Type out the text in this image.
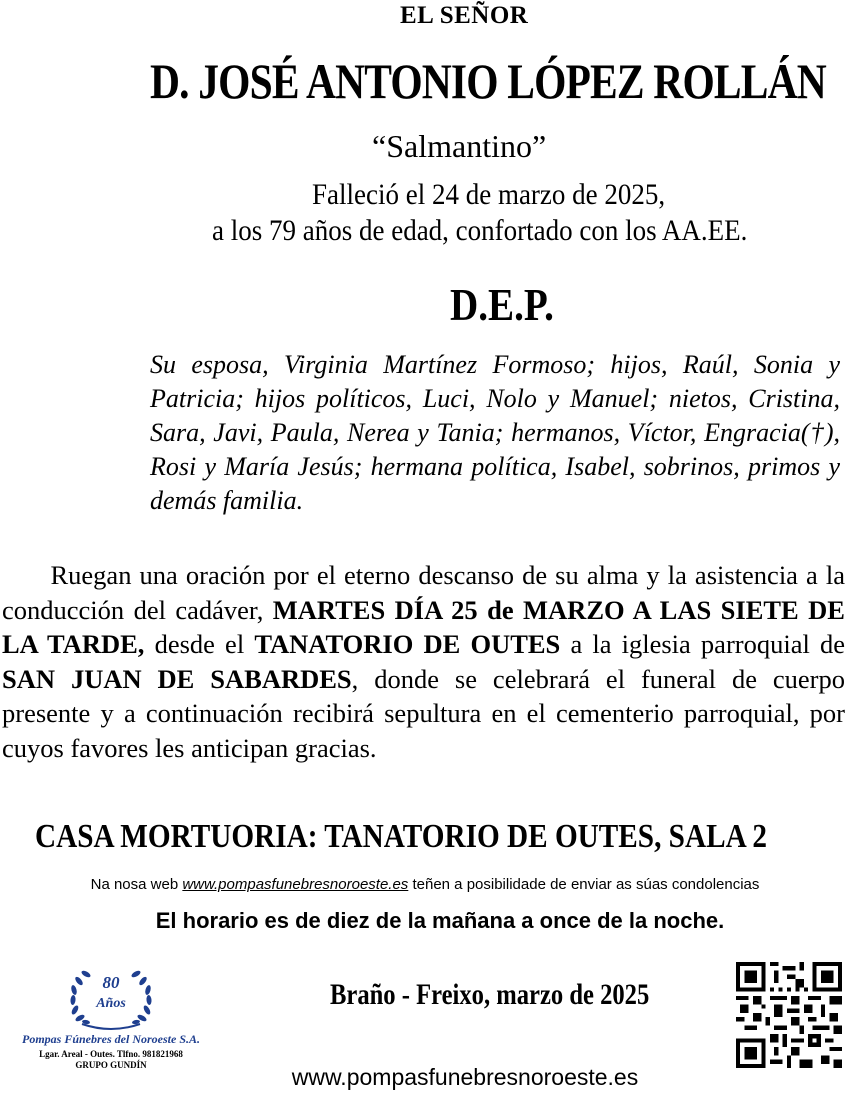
EL SEÑOR
D. JOSÉ ANTONIO LÓPEZ ROLLÁN
“Salmantino”
Falleció el 24 de marzo de 2025,
a los 79 años de edad, confortado con los AA.EE.
D.E.P.
Su esposa, Virginia Martínez Formoso; hijos, Raúl, Sonia y Patricia; hijos políticos, Luci, Nolo y Manuel; nietos, Cristina, Sara, Javi, Paula, Nerea y Tania; hermanos, Víctor, Engracia(†), Rosi y María Jesús; hermana política, Isabel, sobrinos, primos y demás familia.
Ruegan una oración por el eterno descanso de su alma y la asistencia a la conducción del cadáver, MARTES DÍA 25 de MARZO A LAS SIETE DE LA TARDE, desde el TANATORIO DE OUTES a la iglesia parroquial de SAN JUAN DE SABARDES, donde se celebrará el funeral de cuerpo presente y a continuación recibirá sepultura en el cementerio parroquial, por cuyos favores les anticipan gracias.
CASA MORTUORIA: TANATORIO DE OUTES, SALA 2
Na nosa web www.pompasfunebresnoroeste.es teñen a posibilidade de enviar as súas condolencias
El horario es de diez de la mañana a once de la noche.
80
Años
Pompas Fúnebres del Noroeste S.A.
Lgar. Areal - Outes. Tlfno. 981821968
GRUPO GUNDÍN
Braño - Freixo, marzo de 2025
www.pompasfunebresnoroeste.es
